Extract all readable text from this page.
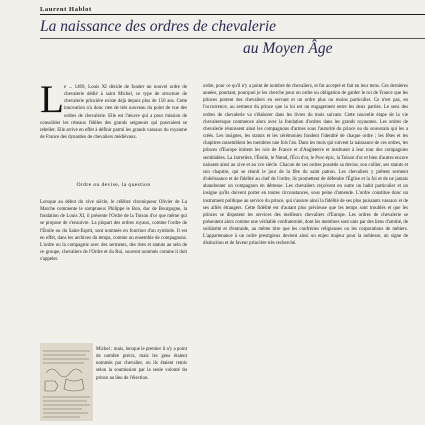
Laurent Hablot
La naissance des ordres de chevalerie
au Moyen Âge
L e ... 1469, Louis XI décide de fonder un nouvel ordre de chevalerie dédié à saint Michel, ce type de structure de chevalerie princière existe déjà depuis plus de 150 ans. Cette innovation n'a donc rien de très nouveau du point de vue des ordres de chevalerie. Elle est l'œuvre qui a pour mission de consolider les réseaux fidèles des grands seigneurs qui pourraient se rebeller. Elle arrive en effet à définir parmi les grands vassaux du royaume de France des dynasties de chevaliers médiévaux.
Ordre ou devise, la question
Lorsque au début du xive siècle, le célèbre chroniqueur Olivier de La Marche commente le somptueux Philippe le Bon, duc de Bourgogne, la fondation de Louis XI, il présente l'Ordre de la Toison d'or que même qui se propose de s'ensuivre. La plupart des ordres royaux, comme l'ordre de l'Étoile ou du Saint-Esprit, sont nommés en fonction d'un symbole. Il est en effet, dans les archives du temps, comme un ensemble de compagnons. L'ordre ou la compagnie avec des serments, des rites et statuts au sein de ce groupe, chevaliers de l'Ordre et du Roi, souvent nommés comme il doit s'appeler.
Michel : mais, lorsque le premier il n'y a point de nombre précis, mais les gens étaient nommés par chevalier, ou ils étaient remis selon la soumission par la seule volonté du prince au lieu de l'élection.
ordre, pour ce qu'il n'y a point de nombre de chevaliers, et fut accepté et fait en leur tems. Ces dernières années, pourtant, pourquoi je les cherche pour un ordre ou obligation de garder le roi de France que les princes portent des chevaliers en servant et un ordre plus ou moins particulier. Ce n'est pas, en l'occurrence, au serment du prince que la loi est un engagement entre les deux parties. Le sens des ordres de chevalerie va s'élaborer dans les livres du mois suivant. Cette nouvelle étape de la vie chevaleresque commence alors avec la fondation d'ordres dans les grands royaumes. Les ordres de chevalerie réunissent ainsi les compagnons d'armes sous l'autorité du prince ou du souverain qui les a créés. Les insignes, les statuts et les cérémonies fondent l'identité de chaque ordre ; les fêtes et les chapitres rassemblent les membres une fois l'an. Dans les mois qui suivent la naissance de ces ordres, les princes d'Europe imitent les rois de France et d'Angleterre et instituent à leur tour des compagnies semblables. La Jarretière, l'Étoile, le Nœud, l'Écu d'or, le Porc-épic, la Toison d'or et bien d'autres encore naissent ainsi au xive et au xve siècle. Chacun de ces ordres possède sa devise, son collier, ses statuts et son chapitre, qui se réunit le jour de la fête du saint patron. Les chevaliers y prêtent serment d'obéissance et de fidélité au chef de l'ordre, ils promettent de défendre l'Église et la foi et de ne jamais abandonner un compagnon en détresse. Les chevaliers reçoivent en outre un habit particulier et un insigne qu'ils doivent porter en toutes circonstances, sous peine d'amende. L'ordre constitue donc un instrument politique au service du prince, qui s'assure ainsi la fidélité de ses plus puissants vassaux et de ses alliés étrangers. Cette fidélité est d'autant plus précieuse que les temps sont troublés et que les princes se disputent les services des meilleurs chevaliers d'Europe. Les ordres de chevalerie se présentent alors comme une véritable confraternité, dont les membres sont unis par des liens d'amitié, de solidarité et d'entraide, au même titre que les confréries religieuses ou les corporations de métiers. L'appartenance à un ordre prestigieux devient ainsi un enjeu majeur pour la noblesse, un signe de distinction et de faveur princière très recherché.
